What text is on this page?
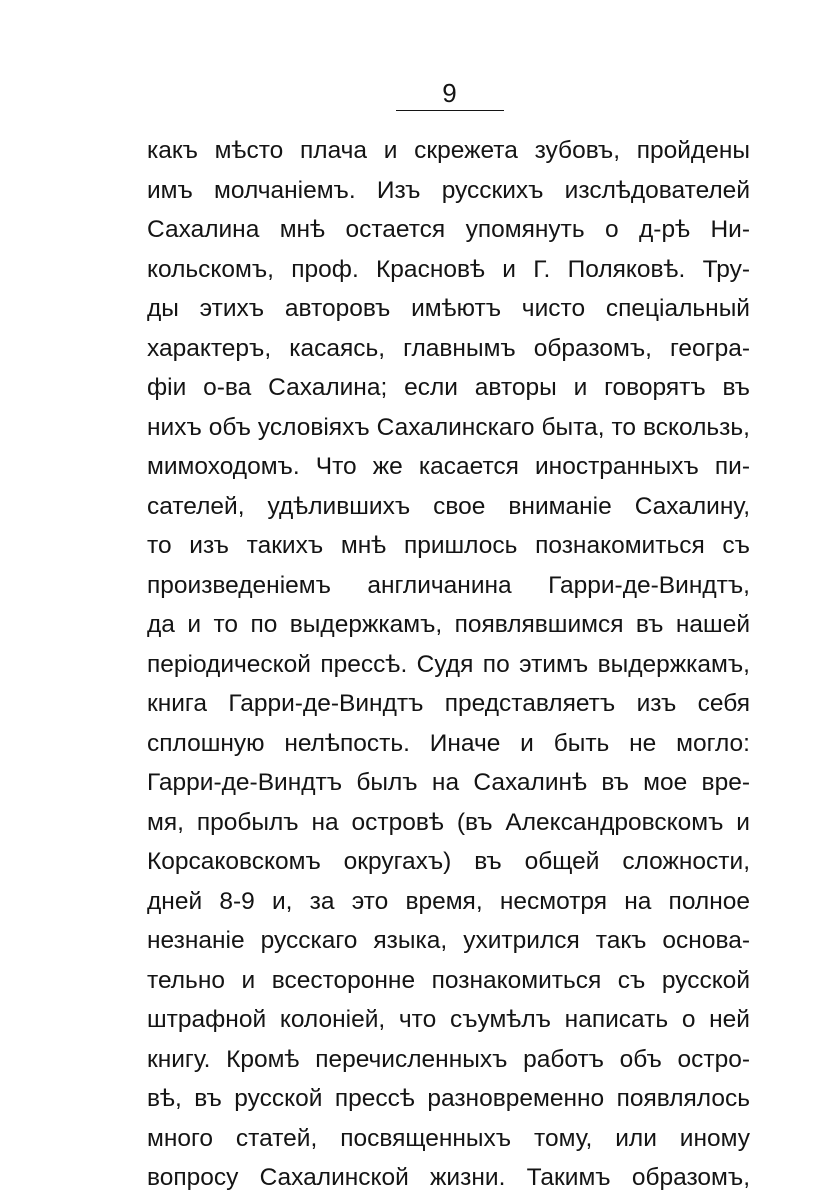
9
какъ мѣсто плача и скрежета зубовъ, пройдены
имъ молчаніемъ. Изъ русскихъ изслѣдователей
Сахалина мнѣ остается упомянуть о д-рѣ Ни-
кольскомъ, проф. Красновѣ и Г. Поляковѣ. Тру-
ды этихъ авторовъ имѣютъ чисто спеціальный
характеръ, касаясь, главнымъ образомъ, геогра-
фіи о-ва Сахалина; если авторы и говорятъ въ
нихъ объ условіяхъ Сахалинскаго быта, то вскользь,
мимоходомъ. Что же касается иностранныхъ пи-
сателей, удѣлившихъ свое вниманіе Сахалину,
то изъ такихъ мнѣ пришлось познакомиться съ
произведеніемъ англичанина Гарри-де-Виндтъ,
да и то по выдержкамъ, появлявшимся въ нашей
періодической прессѣ. Судя по этимъ выдержкамъ,
книга Гарри-де-Виндтъ представляетъ изъ себя
сплошную нелѣпость. Иначе и быть не могло:
Гарри-де-Виндтъ былъ на Сахалинѣ въ мое вре-
мя, пробылъ на островѣ (въ Александровскомъ и
Корсаковскомъ округахъ) въ общей сложности,
дней 8-9 и, за это время, несмотря на полное
незнаніе русскаго языка, ухитрился такъ основа-
тельно и всесторонне познакомиться съ русской
штрафной колоніей, что съумѣлъ написать о ней
книгу. Кромѣ перечисленныхъ работъ объ остро-
вѣ, въ русской прессѣ разновременно появлялось
много статей, посвященныхъ тому, или иному
вопросу Сахалинской жизни. Такимъ образомъ,
